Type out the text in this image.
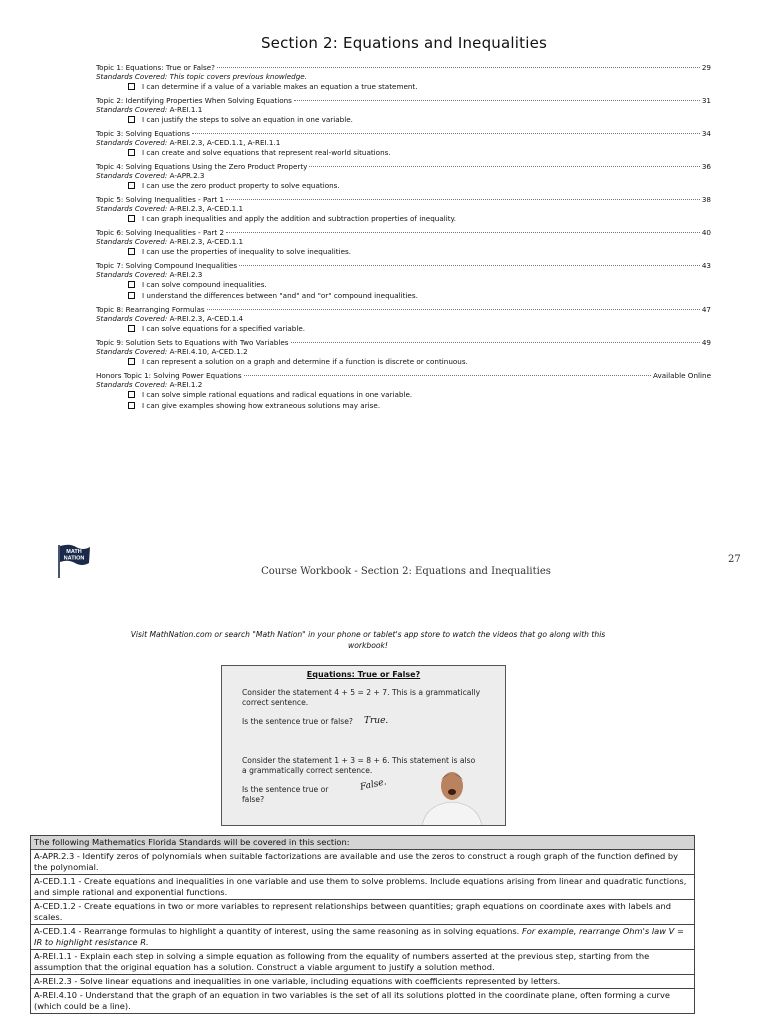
Section 2: Equations and Inequalities
Topic 1: Equations: True or False?	29
Standards Covered: This topic covers previous knowledge.
I can determine if a value of a variable makes an equation a true statement.
Topic 2: Identifying Properties When Solving Equations	31
Standards Covered: A-REI.1.1
I can justify the steps to solve an equation in one variable.
Topic 3: Solving Equations	34
Standards Covered: A-REI.2.3, A-CED.1.1, A-REI.1.1
I can create and solve equations that represent real-world situations.
Topic 4: Solving Equations Using the Zero Product Property	36
Standards Covered: A-APR.2.3
I can use the zero product property to solve equations.
Topic 5: Solving Inequalities - Part 1	38
Standards Covered: A-REI.2.3, A-CED.1.1
I can graph inequalities and apply the addition and subtraction properties of inequality.
Topic 6: Solving Inequalities - Part 2	40
Standards Covered: A-REI.2.3, A-CED.1.1
I can use the properties of inequality to solve inequalities.
Topic 7: Solving Compound Inequalities	43
Standards Covered: A-REI.2.3
I can solve compound inequalities.
I understand the differences between "and" and "or" compound inequalities.
Topic 8: Rearranging Formulas	47
Standards Covered: A-REI.2.3, A-CED.1.4
I can solve equations for a specified variable.
Topic 9: Solution Sets to Equations with Two Variables	49
Standards Covered: A-REI.4.10, A-CED.1.2
I can represent a solution on a graph and determine if a function is discrete or continuous.
Honors Topic 1: Solving Power Equations	Available Online
Standards Covered: A-REI.1.2
I can solve simple rational equations and radical equations in one variable.
I can give examples showing how extraneous solutions may arise.
MATH
NATION	27
Course Workbook - Section 2: Equations and Inequalities
Visit MathNation.com or search "Math Nation" in your phone or tablet's app store to watch the videos that go along with this workbook!
Equations: True or False?
Consider the statement 4 + 5 = 2 + 7. This is a grammatically correct sentence.
Is the sentence true or false?	True.
Consider the statement 1 + 3 = 8 + 6. This statement is also a grammatically correct sentence.
Is the sentence true or false?
False.
The following Mathematics Florida Standards will be covered in this section:
A-APR.2.3 - Identify zeros of polynomials when suitable factorizations are available and use the zeros to construct a rough graph of the function defined by the polynomial.
A-CED.1.1 - Create equations and inequalities in one variable and use them to solve problems. Include equations arising from linear and quadratic functions, and simple rational and exponential functions.
A-CED.1.2 - Create equations in two or more variables to represent relationships between quantities; graph equations on coordinate axes with labels and scales.
A-CED.1.4 - Rearrange formulas to highlight a quantity of interest, using the same reasoning as in solving equations. For example, rearrange Ohm's law V = IR to highlight resistance R.
A-REI.1.1 - Explain each step in solving a simple equation as following from the equality of numbers asserted at the previous step, starting from the assumption that the original equation has a solution. Construct a viable argument to justify a solution method.
A-REI.2.3 - Solve linear equations and inequalities in one variable, including equations with coefficients represented by letters.
A-REI.4.10 - Understand that the graph of an equation in two variables is the set of all its solutions plotted in the coordinate plane, often forming a curve (which could be a line).
